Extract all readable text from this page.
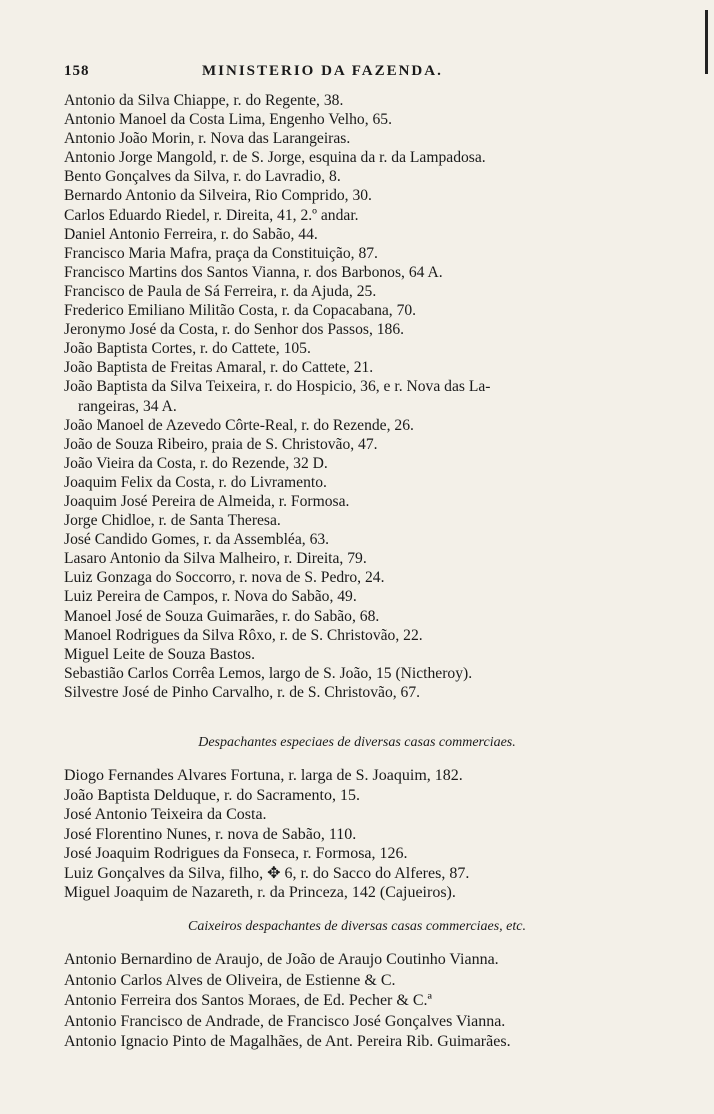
158	MINISTERIO DA FAZENDA.
Antonio da Silva Chiappe, r. do Regente, 38.
Antonio Manoel da Costa Lima, Engenho Velho, 65.
Antonio João Morin, r. Nova das Larangeiras.
Antonio Jorge Mangold, r. de S. Jorge, esquina da r. da Lampadosa.
Bento Gonçalves da Silva, r. do Lavradio, 8.
Bernardo Antonio da Silveira, Rio Comprido, 30.
Carlos Eduardo Riedel, r. Direita, 41, 2.º andar.
Daniel Antonio Ferreira, r. do Sabão, 44.
Francisco Maria Mafra, praça da Constituição, 87.
Francisco Martins dos Santos Vianna, r. dos Barbonos, 64 A.
Francisco de Paula de Sá Ferreira, r. da Ajuda, 25.
Frederico Emiliano Militão Costa, r. da Copacabana, 70.
Jeronymo José da Costa, r. do Senhor dos Passos, 186.
João Baptista Cortes, r. do Cattete, 105.
João Baptista de Freitas Amaral, r. do Cattete, 21.
João Baptista da Silva Teixeira, r. do Hospicio, 36, e r. Nova das La-
rangeiras, 34 A.
João Manoel de Azevedo Côrte-Real, r. do Rezende, 26.
João de Souza Ribeiro, praia de S. Christovão, 47.
João Vieira da Costa, r. do Rezende, 32 D.
Joaquim Felix da Costa, r. do Livramento.
Joaquim José Pereira de Almeida, r. Formosa.
Jorge Chidloe, r. de Santa Theresa.
José Candido Gomes, r. da Assembléa, 63.
Lasaro Antonio da Silva Malheiro, r. Direita, 79.
Luiz Gonzaga do Soccorro, r. nova de S. Pedro, 24.
Luiz Pereira de Campos, r. Nova do Sabão, 49.
Manoel José de Souza Guimarães, r. do Sabão, 68.
Manoel Rodrigues da Silva Rôxo, r. de S. Christovão, 22.
Miguel Leite de Souza Bastos.
Sebastião Carlos Corrêa Lemos, largo de S. João, 15 (Nictheroy).
Silvestre José de Pinho Carvalho, r. de S. Christovão, 67.
Despachantes especiaes de diversas casas commerciaes.
Diogo Fernandes Alvares Fortuna, r. larga de S. Joaquim, 182.
João Baptista Delduque, r. do Sacramento, 15.
José Antonio Teixeira da Costa.
José Florentino Nunes, r. nova de Sabão, 110.
José Joaquim Rodrigues da Fonseca, r. Formosa, 126.
Luiz Gonçalves da Silva, filho, ✥ 6, r. do Sacco do Alferes, 87.
Miguel Joaquim de Nazareth, r. da Princeza, 142 (Cajueiros).
Caixeiros despachantes de diversas casas commerciaes, etc.
Antonio Bernardino de Araujo, de João de Araujo Coutinho Vianna.
Antonio Carlos Alves de Oliveira, de Estienne & C.
Antonio Ferreira dos Santos Moraes, de Ed. Pecher & C.ª
Antonio Francisco de Andrade, de Francisco José Gonçalves Vianna.
Antonio Ignacio Pinto de Magalhães, de Ant. Pereira Rib. Guimarães.
